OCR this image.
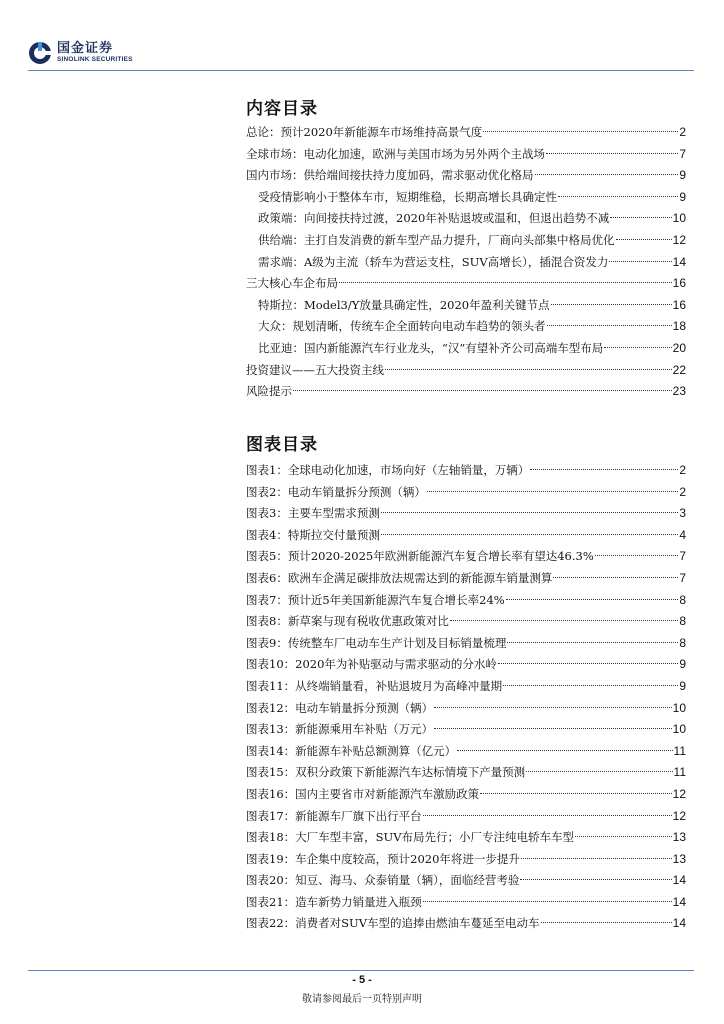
国金证券
SINOLINK SECURITIES
内容目录
总论：预计2020年新能源车市场维持高景气度	2
全球市场：电动化加速，欧洲与美国市场为另外两个主战场	7
国内市场：供给端间接扶持力度加码，需求驱动优化格局	9
受疫情影响小于整体车市，短期维稳，长期高增长具确定性	9
政策端：向间接扶持过渡，2020年补贴退坡或温和，但退出趋势不减	10
供给端：主打自发消费的新车型产品力提升，厂商向头部集中格局优化	12
需求端：A级为主流（轿车为营运支柱，SUV高增长），插混合资发力	14
三大核心车企布局	16
特斯拉：Model3/Y放量具确定性，2020年盈利关键节点	16
大众：规划清晰，传统车企全面转向电动车趋势的领头者	18
比亚迪：国内新能源汽车行业龙头，“汉”有望补齐公司高端车型布局	20
投资建议——五大投资主线	22
风险提示	23
图表目录
图表1：全球电动化加速，市场向好（左轴销量，万辆）	2
图表2：电动车销量拆分预测（辆）	2
图表3：主要车型需求预测	3
图表4：特斯拉交付量预测	4
图表5：预计2020-2025年欧洲新能源汽车复合增长率有望达46.3%	7
图表6：欧洲车企满足碳排放法规需达到的新能源车销量测算	7
图表7：预计近5年美国新能源汽车复合增长率24%	8
图表8：新草案与现有税收优惠政策对比	8
图表9：传统整车厂电动车生产计划及目标销量梳理	8
图表10：2020年为补贴驱动与需求驱动的分水岭	9
图表11：从终端销量看，补贴退坡月为高峰冲量期	9
图表12：电动车销量拆分预测（辆）	10
图表13：新能源乘用车补贴（万元）	10
图表14：新能源车补贴总额测算（亿元）	11
图表15：双积分政策下新能源汽车达标情境下产量预测	11
图表16：国内主要省市对新能源汽车激励政策	12
图表17：新能源车厂旗下出行平台	12
图表18：大厂车型丰富，SUV布局先行；小厂专注纯电轿车车型	13
图表19：车企集中度较高，预计2020年将进一步提升	13
图表20：知豆、海马、众泰销量（辆），面临经营考验	14
图表21：造车新势力销量进入瓶颈	14
图表22：消费者对SUV车型的追捧由燃油车蔓延至电动车	14
- 5 -
敬请参阅最后一页特别声明
